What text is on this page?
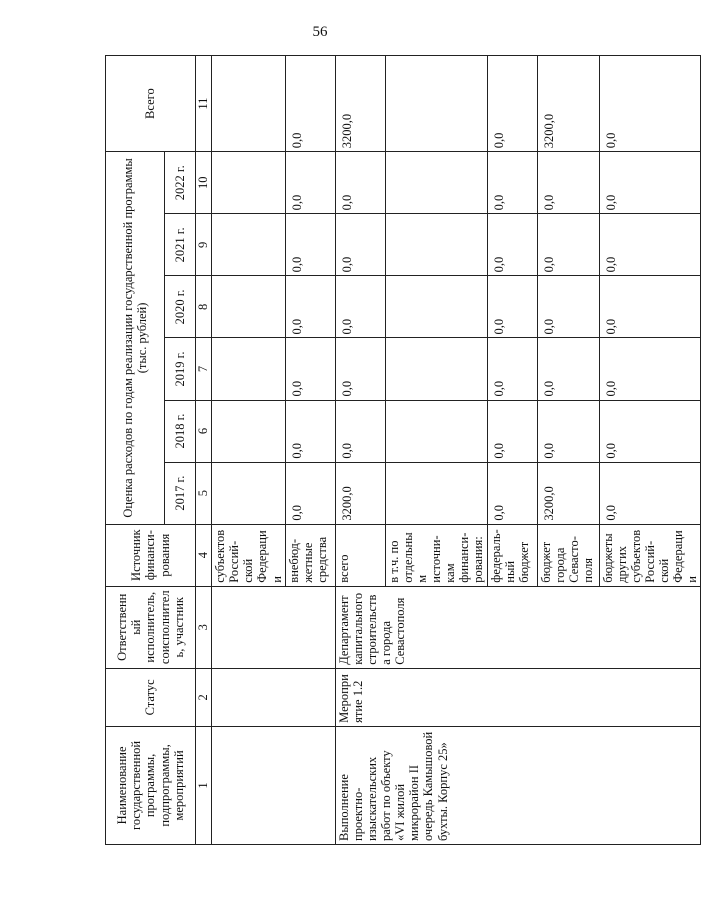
56
Наименование государственной программы, подпрограммы, мероприятий	Статус	Ответственный исполнитель, соисполнитель, участник	Источник финанси-рования	Оценка расходов по годам реализации государственной программы (тыс. рублей)						Всего
				2017 г.	2018 г.	2019 г.	2020 г.	2021 г.	2022 г.	
1	2	3	4	5	6	7	8	9	10	11
			субъектов Россий-ской Федерации							
			внебюд-жетные средства	0,0	0,0	0,0	0,0	0,0	0,0	0,0
Выполнение проектно-изыскательских работ по объекту «VI жилой микрорайон II очередь Камышовой бухты. Корпус 25»	Мероприятие 1.2	Департамент капитального строительства города Севастополя	всего	3200,0	0,0	0,0	0,0	0,0	0,0	3200,0
			в т.ч. по отдельным источни-кам финанси-рования:							
			федераль-ный бюджет	0,0	0,0	0,0	0,0	0,0	0,0	0,0
			бюджет города Севасто-поля	3200,0	0,0	0,0	0,0	0,0	0,0	3200,0
			бюджеты других субъектов Россий-ской Федерации	0,0	0,0	0,0	0,0	0,0	0,0	0,0
